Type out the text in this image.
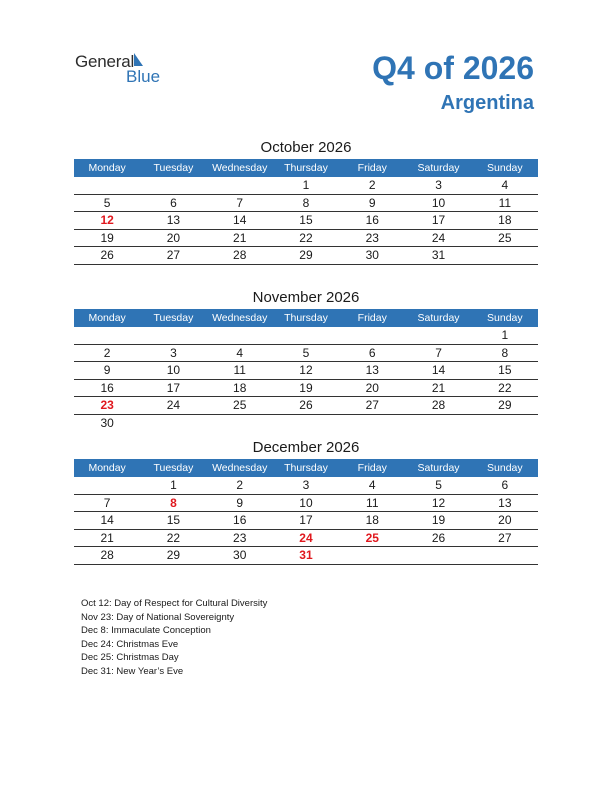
General
Blue	Q4 of 2026
Argentina
October 2026
Monday	Tuesday	Wednesday	Thursday	Friday	Saturday	Sunday
			1	2	3	4
5	6	7	8	9	10	11
12	13	14	15	16	17	18
19	20	21	22	23	24	25
26	27	28	29	30	31	
November 2026
Monday	Tuesday	Wednesday	Thursday	Friday	Saturday	Sunday
						1
2	3	4	5	6	7	8
9	10	11	12	13	14	15
16	17	18	19	20	21	22
23	24	25	26	27	28	29
30						
December 2026
Monday	Tuesday	Wednesday	Thursday	Friday	Saturday	Sunday
	1	2	3	4	5	6
7	8	9	10	11	12	13
14	15	16	17	18	19	20
21	22	23	24	25	26	27
28	29	30	31			
Oct 12: Day of Respect for Cultural Diversity
Nov 23: Day of National Sovereignty
Dec 8: Immaculate Conception
Dec 24: Christmas Eve
Dec 25: Christmas Day
Dec 31: New Year’s Eve
